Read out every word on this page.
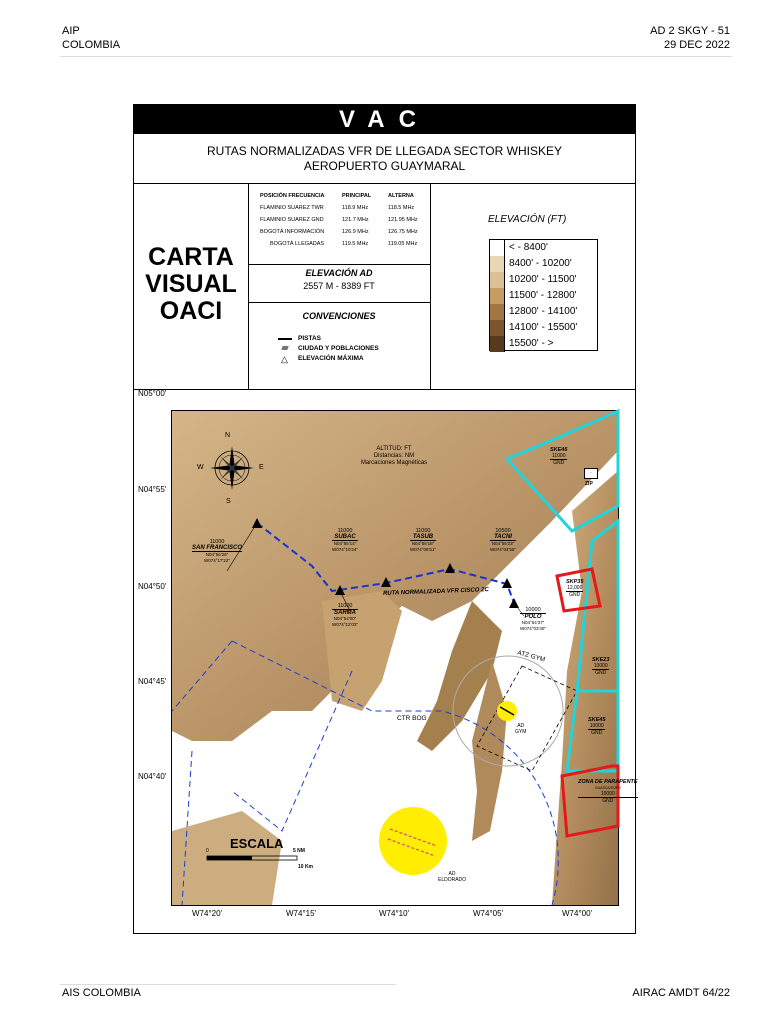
AIP
COLOMBIA
AD 2 SKGY - 51
29 DEC 2022
VAC
RUTAS NORMALIZADAS VFR DE LLEGADA SECTOR WHISKEY
AEROPUERTO GUAYMARAL
CARTA
VISUAL
OACI
POSICIÓN FRECUENCIA	PRINCIPAL	ALTERNA
FLAMINIO SUAREZ TWR	118.9 MHz	118.5 MHz
FLAMINIO SUAREZ GND	121.7 MHz	121.95 MHz
BOGOTÁ INFORMACIÓN	126.9 MHz	126.75 MHz
BOGOTÁ LLEGADAS	119.5 MHz	119.05 MHz
ELEVACIÓN AD
2557 M - 8389 FT
CONVENCIONES
PISTAS
CIUDAD Y POBLACIONES
△ ELEVACIÓN MÁXIMA
ELEVACIÓN (FT)
< - 8400'
8400' - 10200'
10200' - 11500'
11500' - 12800'
12800' - 14100'
14100' - 15500'
15500' - >
N
S
E
W
ALTITUD: FT
Distancias: NM
Marcaciones Magnéticas
RUTA NORMALIZADA VFR CISCO 2C
CTR BOG
ATZ GYM
AD
GYM
AD
ELDORADO
ESCALA
0	5 NM
10 Km
·
ZIP
11000
SAN FRANCISCO
N04°56'26"
W074°17'22"
11000
SUBAC
N04°55'14"
W074°10'24"
11000
TASUB
N04°56'18"
W074°06'51"
10500
TACNI
N04°56'23"
W074°04'55"
11000
SARMA
N04°54'00"
W074°12'03"
10000
POLO
N04°54'37"
W074°03'40"
SKE46
11000
GND
SKP35
12,000
GND
SKE23
10000
GND
SKE45
10000
GND
ZONA DE PARAPENTE
GUASCA/SOPO
10000
GND
N05°00'
N04°55'
N04°50'
N04°45'
N04°40'
W74°20'	W74°15'	W74°10'	W74°05'	W74°00'
AIS COLOMBIA	AIRAC AMDT 64/22
